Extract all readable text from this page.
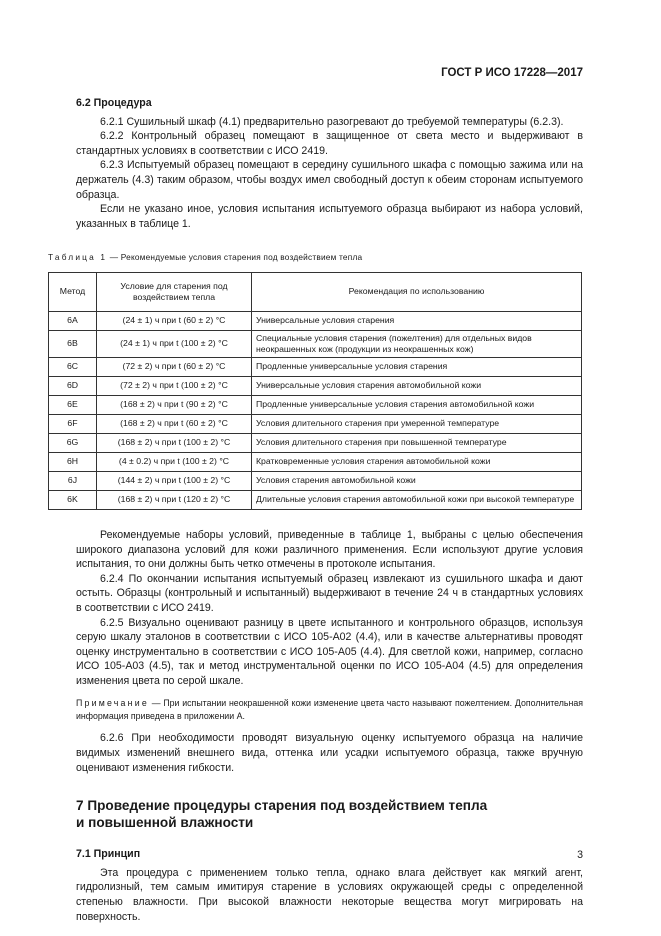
ГОСТ Р ИСО 17228—2017

6.2 Процедура

6.2.1 Сушильный шкаф (4.1) предварительно разогревают до требуемой температуры (6.2.3).

6.2.2 Контрольный образец помещают в защищенное от света место и выдерживают в стандартных условиях в соответствии с ИСО 2419.

6.2.3 Испытуемый образец помещают в середину сушильного шкафа с помощью зажима или на держатель (4.3) таким образом, чтобы воздух имел свободный доступ к обеим сторонам испытуемого образца.

Если не указано иное, условия испытания испытуемого образца выбирают из набора условий, указанных в таблице 1.

Таблица 1 — Рекомендуемые условия старения под воздействием тепла
Метод	Условие для старения под воздействием тепла	Рекомендация по использованию
6A	(24 ± 1) ч при t (60 ± 2) °C	Универсальные условия старения
6B	(24 ± 1) ч при t (100 ± 2) °C	Специальные условия старения (пожелтения) для отдельных видов неокрашенных кож (продукции из неокрашенных кож)
6C	(72 ± 2) ч при t (60 ± 2) °C	Продленные универсальные условия старения
6D	(72 ± 2) ч при t (100 ± 2) °C	Универсальные условия старения автомобильной кожи
6E	(168 ± 2) ч при t (90 ± 2) °C	Продленные универсальные условия старения автомобильной кожи
6F	(168 ± 2) ч при t (60 ± 2) °C	Условия длительного старения при умеренной температуре
6G	(168 ± 2) ч при t (100 ± 2) °C	Условия длительного старения при повышенной температуре
6H	(4 ± 0.2) ч при t (100 ± 2) °C	Кратковременные условия старения автомобильной кожи
6J	(144 ± 2) ч при t (100 ± 2) °C	Условия старения автомобильной кожи
6K	(168 ± 2) ч при t (120 ± 2) °C	Длительные условия старения автомобильной кожи при высокой температуре

Рекомендуемые наборы условий, приведенные в таблице 1, выбраны с целью обеспечения широкого диапазона условий для кожи различного применения. Если используют другие условия испытания, то они должны быть четко отмечены в протоколе испытания.

6.2.4 По окончании испытания испытуемый образец извлекают из сушильного шкафа и дают остыть. Образцы (контрольный и испытанный) выдерживают в течение 24 ч в стандартных условиях в соответствии с ИСО 2419.

6.2.5 Визуально оценивают разницу в цвете испытанного и контрольного образцов, используя серую шкалу эталонов в соответствии с ИСО 105-А02 (4.4), или в качестве альтернативы проводят оценку инструментально в соответствии с ИСО 105-А05 (4.4). Для светлой кожи, например, согласно ИСО 105-А03 (4.5), так и метод инструментальной оценки по ИСО 105-А04 (4.5) для определения изменения цвета по серой шкале.

Примечание — При испытании неокрашенной кожи изменение цвета часто называют пожелтением. Дополнительная информация приведена в приложении А.

6.2.6 При необходимости проводят визуальную оценку испытуемого образца на наличие видимых изменений внешнего вида, оттенка или усадки испытуемого образца, также вручную оценивают изменения гибкости.

7 Проведение процедуры старения под воздействием тепла
и повышенной влажности

7.1 Принцип

Эта процедура с применением только тепла, однако влага действует как мягкий агент, гидролизный, тем самым имитируя старение в условиях окружающей среды с определенной степенью влажности. При высокой влажности некоторые вещества могут мигрировать на поверхность.

3
